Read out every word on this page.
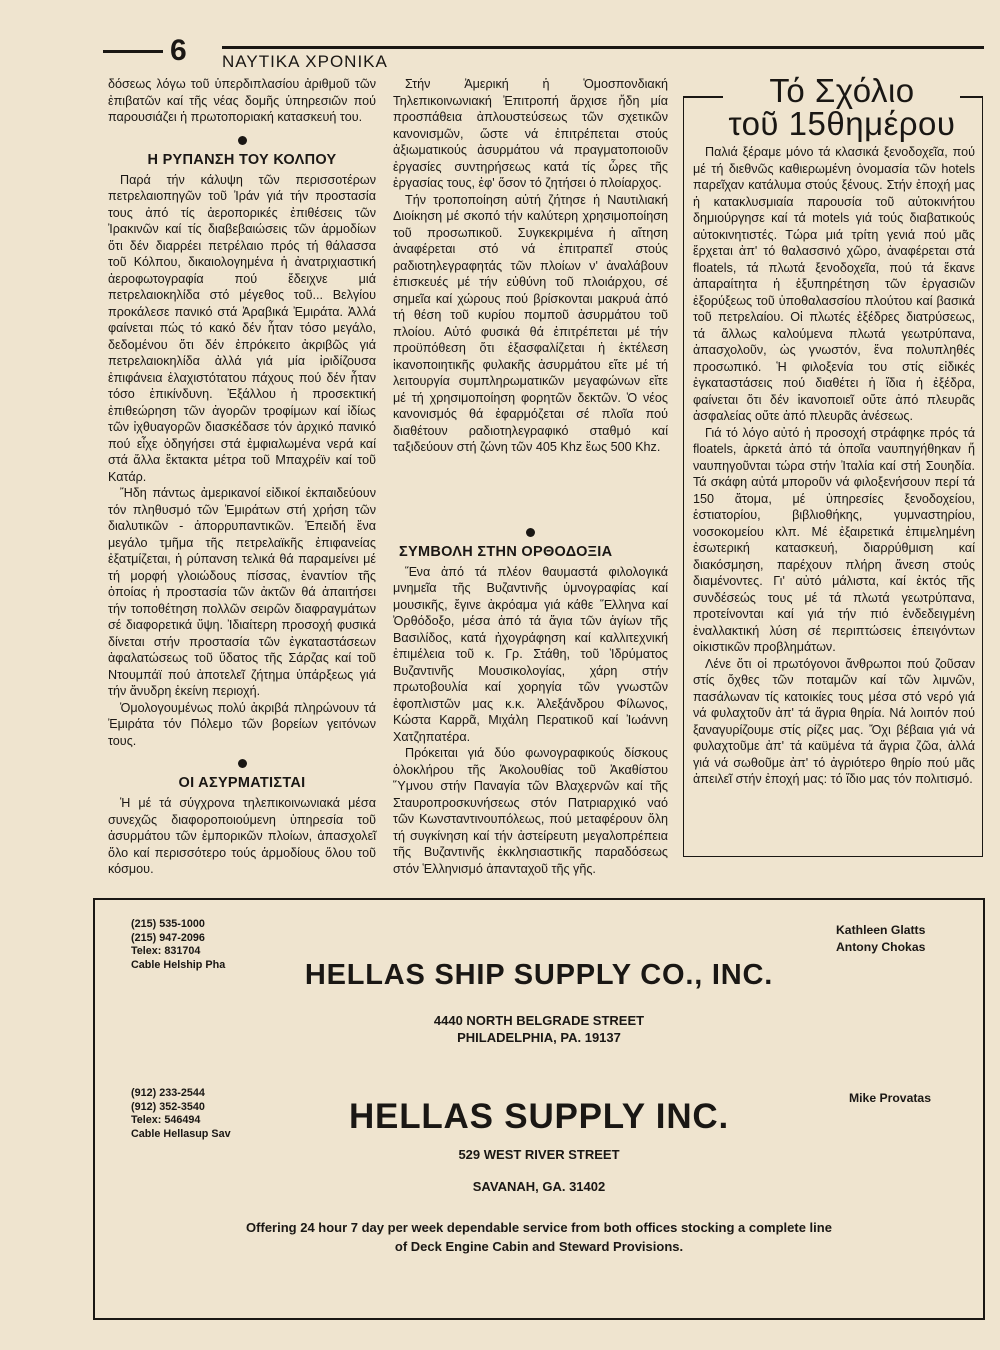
6 ΝΑΥΤΙΚΑ ΧΡΟΝΙΚΑ

δόσεως λόγω τοῦ ὑπερδιπλασίου ἀριθμοῦ τῶν ἐπιβατῶν καί τῆς νέας δομῆς ὑπηρεσιῶν πού παρουσιάζει ἡ πρωτοποριακή κατασκευή του.

Η ΡΥΠΑΝΣΗ ΤΟΥ ΚΟΛΠΟΥ

Παρά τήν κάλυψη τῶν περισσοτέρων πετρελαιοπηγῶν τοῦ Ἰράν γιά τήν προστασία τους ἀπό τίς ἀεροπορικές ἐπιθέσεις τῶν Ἰρακινῶν καί τίς διαβεβαιώσεις τῶν ἁρμοδίων ὅτι δέν διαρρέει πετρέλαιο πρός τή θάλασσα τοῦ Κόλπου, δικαιολογημένα ἡ ἀνατριχιαστική ἀεροφωτογραφία πού ἔδειχνε μιά πετρελαιοκηλίδα στό μέγεθος τοῦ... Βελγίου προκάλεσε πανικό στά Ἀραβικά Ἐμιράτα. Ἀλλά φαίνεται πώς τό κακό δέν ἦταν τόσο μεγάλο, δεδομένου ὅτι δέν ἐπρόκειτο ἀκριβῶς γιά πετρελαιοκηλίδα ἀλλά γιά μία ἰριδίζουσα ἐπιφάνεια ἐλαχιστότατου πάχους πού δέν ἦταν τόσο ἐπικίνδυνη. Ἐξάλλου ἡ προσεκτική ἐπιθεώρηση τῶν ἀγορῶν τροφίμων καί ἰδίως τῶν ἰχθυαγορῶν διασκέδασε τόν ἀρχικό πανικό πού εἶχε ὁδηγήσει στά ἐμφιαλωμένα νερά καί στά ἄλλα ἔκτακτα μέτρα τοῦ Μπαχρέϊν καί τοῦ Κατάρ.

Ἤδη πάντως ἀμερικανοί εἰδικοί ἐκπαιδεύουν τόν πληθυσμό τῶν Ἐμιράτων στή χρήση τῶν διαλυτικῶν - ἀπορρυπαντικῶν. Ἐπειδή ἕνα μεγάλο τμῆμα τῆς πετρελαϊκῆς ἐπιφανείας ἐξατμίζεται, ἡ ρύπανση τελικά θά παραμείνει μέ τή μορφή γλοιώδους πίσσας, ἐναντίον τῆς ὁποίας ἡ προστασία τῶν ἀκτῶν θά ἀπαιτήσει τήν τοποθέτηση πολλῶν σειρῶν διαφραγμάτων σέ διαφορετικά ὕψη. Ἰδιαίτερη προσοχή φυσικά δίνεται στήν προστασία τῶν ἐγκαταστάσεων ἀφαλατώσεως τοῦ ὕδατος τῆς Σάρζας καί τοῦ Ντουμπάϊ πού ἀποτελεῖ ζήτημα ὑπάρξεως γιά τήν ἄνυδρη ἐκείνη περιοχή.

Ὁμολογουμένως πολύ ἀκριβά πληρώνουν τά Ἐμιράτα τόν Πόλεμο τῶν βορείων γειτόνων τους.

ΟΙ ΑΣΥΡΜΑΤΙΣΤΑΙ

Ἡ μέ τά σύγχρονα τηλεπικοινωνιακά μέσα συνεχῶς διαφοροποιούμενη ὑπηρεσία τοῦ ἀσυρμάτου τῶν ἐμπορικῶν πλοίων, ἀπασχολεῖ ὅλο καί περισσότερο τούς ἁρμοδίους ὅλου τοῦ κόσμου.

Στήν Ἀμερική ἡ Ὁμοσπονδιακή Τηλεπικοινωνιακή Ἐπιτροπή ἄρχισε ἤδη μία προσπάθεια ἀπλουστεύσεως τῶν σχετικῶν κανονισμῶν, ὥστε νά ἐπιτρέπεται στούς ἀξιωματικούς ἀσυρμάτου νά πραγματοποιοῦν ἐργασίες συντηρήσεως κατά τίς ὧρες τῆς ἐργασίας τους, ἐφ' ὅσον τό ζητήσει ὁ πλοίαρχος.

Τήν τροποποίηση αὐτή ζήτησε ἡ Ναυτιλιακή Διοίκηση μέ σκοπό τήν καλύτερη χρησιμοποίηση τοῦ προσωπικοῦ. Συγκεκριμένα ἡ αἴτηση ἀναφέρεται στό νά ἐπιτραπεῖ στούς ραδιοτηλεγραφητάς τῶν πλοίων ν' ἀναλάβουν ἐπισκευές μέ τήν εὐθύνη τοῦ πλοιάρχου, σέ σημεῖα καί χώρους πού βρίσκονται μακρυά ἀπό τή θέση τοῦ κυρίου πομποῦ ἀσυρμάτου τοῦ πλοίου. Αὐτό φυσικά θά ἐπιτρέπεται μέ τήν προϋπόθεση ὅτι ἐξασφαλίζεται ἡ ἐκτέλεση ἱκανοποιητικῆς φυλακῆς ἀσυρμάτου εἴτε μέ τή λειτουργία συμπληρωματικῶν μεγαφώνων εἴτε μέ τή χρησιμοποίηση φορητῶν δεκτῶν. Ὁ νέος κανονισμός θά ἐφαρμόζεται σέ πλοῖα πού διαθέτουν ραδιοτηλεγραφικό σταθμό καί ταξιδεύουν στή ζώνη τῶν 405 Khz ἕως 500 Khz.

ΣΥΜΒΟΛΗ ΣΤΗΝ ΟΡΘΟΔΟΞΙΑ

Ἕνα ἀπό τά πλέον θαυμαστά φιλολογικά μνημεῖα τῆς Βυζαντινῆς ὑμνογραφίας καί μουσικῆς, ἔγινε ἀκρόαμα γιά κάθε Ἕλληνα καί Ὀρθόδοξο, μέσα ἀπό τά ἅγια τῶν ἁγίων τῆς Βασιλίδος, κατά ἠχογράφηση καί καλλιτεχνική ἐπιμέλεια τοῦ κ. Γρ. Στάθη, τοῦ Ἱδρύματος Βυζαντινῆς Μουσικολογίας, χάρη στήν πρωτοβουλία καί χορηγία τῶν γνωστῶν ἐφοπλιστῶν μας κ.κ. Ἀλεξάνδρου Φίλωνος, Κώστα Καρρᾶ, Μιχάλη Περατικοῦ καί Ἰωάννη Χατζηπατέρα.

Πρόκειται γιά δύο φωνογραφικούς δίσκους ὁλοκλήρου τῆς Ἀκολουθίας τοῦ Ἀκαθίστου Ὕμνου στήν Παναγία τῶν Βλαχερνῶν καί τῆς Σταυροπροσκυνήσεως στόν Πατριαρχικό ναό τῶν Κωνσταντινουπόλεως, πού μεταφέρουν ὅλη τή συγκίνηση καί τήν ἀστείρευτη μεγαλοπρέπεια τῆς Βυζαντινῆς ἐκκλησιαστικῆς παραδόσεως στόν Ἑλληνισμό ἀπανταχοῦ τῆς γῆς.

Τό Σχόλιο
τοῦ 15θημέρου

Παλιά ξέραμε μόνο τά κλασικά ξενοδοχεῖα, πού μέ τή διεθνῶς καθιερωμένη ὀνομασία τῶν hotels παρεῖχαν κατάλυμα στούς ξένους. Στήν ἐποχή μας ἡ κατακλυσμιαία παρουσία τοῦ αὐτοκινήτου δημιούργησε καί τά motels γιά τούς διαβατικούς αὐτοκινητιστές. Τώρα μιά τρίτη γενιά πού μᾶς ἔρχεται ἀπ' τό θαλασσινό χῶρο, ἀναφέρεται στά floatels, τά πλωτά ξενοδοχεῖα, πού τά ἔκανε ἀπαραίτητα ἡ ἐξυπηρέτηση τῶν ἐργασιῶν ἐξορύξεως τοῦ ὑποθαλασσίου πλούτου καί βασικά τοῦ πετρελαίου. Οἱ πλωτές ἐξέδρες διατρύσεως, τά ἄλλως καλούμενα πλωτά γεωτρύπανα, ἀπασχολοῦν, ὡς γνωστόν, ἕνα πολυπληθές προσωπικό. Ἡ φιλοξενία του στίς εἰδικές ἐγκαταστάσεις πού διαθέτει ἡ ἴδια ἡ ἐξέδρα, φαίνεται ὅτι δέν ἱκανοποιεῖ οὔτε ἀπό πλευρᾶς ἀσφαλείας οὔτε ἀπό πλευρᾶς ἀνέσεως.

Γιά τό λόγο αὐτό ἡ προσοχή στράφηκε πρός τά floatels, ἀρκετά ἀπό τά ὁποῖα ναυπηγήθηκαν ἤ ναυπηγοῦνται τώρα στήν Ἰταλία καί στή Σουηδία. Τά σκάφη αὐτά μποροῦν νά φιλοξενήσουν περί τά 150 ἄτομα, μέ ὑπηρεσίες ξενοδοχείου, ἑστιατορίου, βιβλιοθήκης, γυμναστηρίου, νοσοκομείου κλπ. Μέ ἐξαιρετικά ἐπιμελημένη ἐσωτερική κατασκευή, διαρρύθμιση καί διακόσμηση, παρέχουν πλήρη ἄνεση στούς διαμένοντες. Γι' αὐτό μάλιστα, καί ἐκτός τῆς συνδέσεώς τους μέ τά πλωτά γεωτρύπανα, προτείνονται καί γιά τήν πιό ἐνδεδειγμένη ἐναλλακτική λύση σέ περιπτώσεις ἐπειγόντων οἰκιστικῶν προβλημάτων.

Λένε ὅτι οἱ πρωτόγονοι ἄνθρωποι πού ζοῦσαν στίς ὄχθες τῶν ποταμῶν καί τῶν λιμνῶν, πασάλωναν τίς κατοικίες τους μέσα στό νερό γιά νά φυλαχτοῦν ἀπ' τά ἄγρια θηρία. Νά λοιπόν πού ξαναγυρίζουμε στίς ρίζες μας. Ὄχι βέβαια γιά νά φυλαχτοῦμε ἀπ' τά καϋμένα τά ἄγρια ζῶα, ἀλλά γιά νά σωθοῦμε ἀπ' τό ἀγριότερο θηρίο πού μᾶς ἀπειλεῖ στήν ἐποχή μας: τό ἴδιο μας τόν πολιτισμό.

(215) 535-1000
(215) 947-2096
Telex: 831704
Cable Helship Pha
Kathleen Glatts
Antony Chokas
HELLAS SHIP SUPPLY CO., INC.
4440 NORTH BELGRADE STREET
PHILADELPHIA, PA. 19137
(912) 233-2544
(912) 352-3540
Telex: 546494
Cable Hellasup Sav
Mike Provatas
HELLAS SUPPLY INC.
529 WEST RIVER STREET
SAVANAH, GA. 31402
Offering 24 hour 7 day per week dependable service from both offices stocking a complete line
of Deck Engine Cabin and Steward Provisions.
